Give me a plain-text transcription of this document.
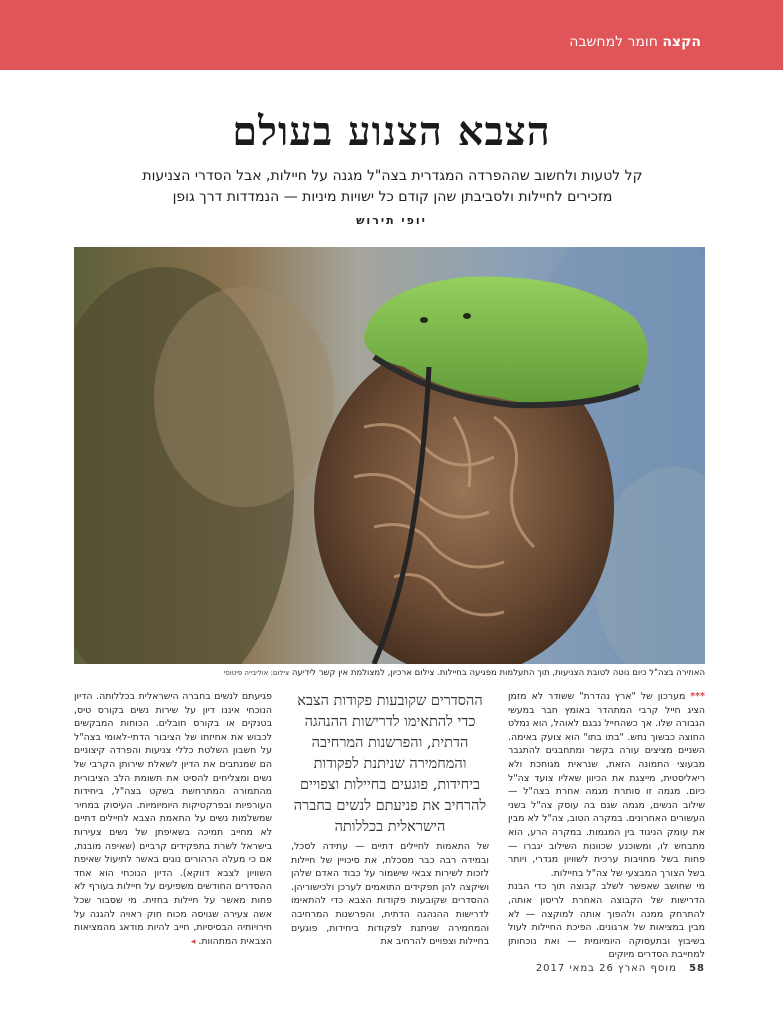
הקצה חומר למחשבה
הצבא הצנוע בעולם
קל לטעות ולחשוב שההפרדה המגדרית בצה"ל מגנה על חיילות, אבל הסדרי הצניעות מזכירים לחיילות ולסביבתן שהן קודם כל ישויות מיניות — הנמדדות דרך גופן
יופי תירוש
האוזירה בצה"ל כיום נוטה לטובת הצניעות, תוך התעלמות מפגיעה בחיילות. צילום ארכיון, למצולמת אין קשר לידיעה צילום: אוליבייה פיטוסי

*** מערכון של "ארץ נהדרת" ששודר לא מזמן הציג חייל קרבי המתהדר באומץ חבר במעשי הגבורה שלו. אך כשהחייל נבגם לאוהל, הוא נמלט החוצה כבשוך נחש. "בתו בתו" הוא צועק באימה. השניים מציצים עורה בקשר ומתחבגים להתגבר מבעוצי התמונה הזאת, שנראית מגוחכת ולא ריאליסטית, מייצגת את הכיוון שאליו צועד צה"ל כיום. מגמה זו סותרת מגמה אחרת בצה"ל — שילוב הנשים, מגמה שגם בה עוסק צה"ל בשני העשורים האחרונים. במקרה הטוב, צה"ל לא מבין את עומק הניגוד בין המגמות. במקרה הרע, הוא מתבחש לו, ומשוכנע שכוונות השילוב יגברו — פחות בשל מחויבות ערכית לשוויון מגדרי, ויותר בשל הצורך המבצעי של צה"ל בחיילות.

מי שחושב שאפשר לשלב קבוצה תוך כדי הבנת הדרישות של הקבוצה האחרת לריסון אותה, להתרחק ממנה ולהפוך אותה למוקצה — לא מבין במציאות של ארגונים. הפיכת החיילות לעול בשיבוץ ובתעסוקה היומיומית — ואת נוכחותן למחייבת הסדרים מיוקים

של התאמות לחיילים דתיים — עתידה לסכל, ובמידה רבה כבר מסכלת, את סיכויין של חיילות לזכות לשירות צבאי שישמור על כבוד האדם שלהן ושיקצה להן תפקידים התואמים לערכן ולכישוריהן. ההסדרים שקובעות פקודות הצבא כדי להתאימו לדרישות ההנהגה הדתית, והפרשנות המרחיבה והמחמירה שניתנת לפקודות ביחידות, פוגעים בחיילות וצפויים להרחיב את
ההסדרים שקובעות פקודות הצבא כדי להתאימו לדרישות ההנהגה הדתית, והפרשנות המרחיבה והמחמירה שניתנת לפקודות ביחידות, פוגעים בחיילות וצפויים להרחיב את פניעתם לנשים בחברה הישראלית בכללותה

פגיעתם לנשים בחברה הישראלית בכללותה. הדיון הנוכחי איננו דיון על שירות נשים בקורס טיס, בטנקים או בקורס חובלים. הכוחות המבקשים לכבוש את אחיזתו של הציבור הדתי-לאומי בצה"ל על חשבון השלטת כללי צניעות והפרדה קיצוניים הם שמנתבים את הדיון לשאלת שירותן הקרבי של נשים ומצליחים להסיט את תשומת הלב הציבורית מהתמורה המתרחשת בשקט בצה"ל, ביחידות העורפיות ובפרקטיקות היומיומיות. העיסוק במחיר שמשלמות נשים על התאמת הצבא לחיילים דתיים לא מחייב תמיכה בשאיפתן של נשים צעירות בישראל לשרת בתפקידים קרביים (שאיפה מובנת, אם כי מעלה הרהורים נוגים באשר לתיעול שאיפת השוויון לצבא דווקא). הדיון הנוכחי הוא אחד ההסדרים החודשים משפיעים על חיילות בעורף לא פחות מאשר על חיילות בחזית. מי שסבור שכל אשה צעירה שגויסה מכוח חוק ראויה להגנה על חירויותיה הבסיסיות, חייב להיות מודאג מהמציאות הצבאית המתהוות. ◂

58 מוסף הארץ 26 במאי 2017
